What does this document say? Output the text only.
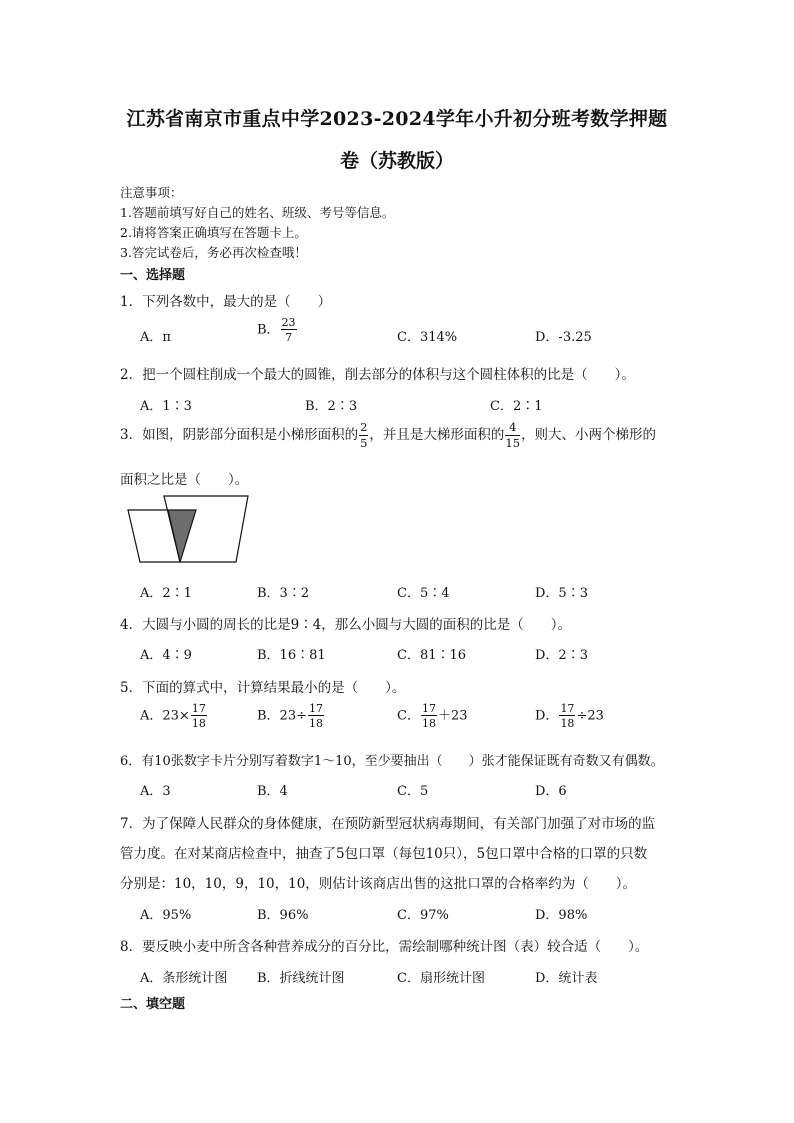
江苏省南京市重点中学2023-2024学年小升初分班考数学押题
卷（苏教版）
注意事项：
1.答题前填写好自己的姓名、班级、考号等信息。
2.请将答案正确填写在答题卡上。
3.答完试卷后，务必再次检查哦！
一、选择题
1．下列各数中，最大的是（　　）
A．π	B． $\frac{23}{7}$	C．314%	D．-3.25
2．把一个圆柱削成一个最大的圆锥，削去部分的体积与这个圆柱体积的比是（　　）。
A．1∶3	B．2∶3	C．2∶1
3．如图，阴影部分面积是小梯形面积的 $\frac{2}{5}$ ，并且是大梯形面积的 $\frac{4}{15}$ ，则大、小两个梯形的
面积之比是（　　）。
A．2∶1	B．3∶2	C．5∶4	D．5∶3
4．大圆与小圆的周长的比是9∶4，那么小圆与大圆的面积的比是（　　）。
A．4∶9	B．16∶81	C．81∶16	D．2∶3
5．下面的算式中，计算结果最小的是（　　）。
A．$23\times \frac{17}{18}$	B．$23\div \frac{17}{18}$	C． $\frac{17}{18} +23$	D． $\frac{17}{18} \div 23$
6．有10张数字卡片分别写着数字1～10，至少要抽出（　　）张才能保证既有奇数又有偶数。
A．3	B．4	C．5	D．6
7．为了保障人民群众的身体健康，在预防新型冠状病毒期间，有关部门加强了对市场的监
管力度。在对某商店检查中，抽查了5包口罩（每包10只），5包口罩中合格的口罩的只数
分别是：10，10，9，10，10，则估计该商店出售的这批口罩的合格率约为（　　）。
A．95%	B．96%	C．97%	D．98%
8．要反映小麦中所含各种营养成分的百分比，需绘制哪种统计图（表）较合适（　　）。
A．条形统计图 B．折线统计图	C．扇形统计图	D．统计表
二、填空题
